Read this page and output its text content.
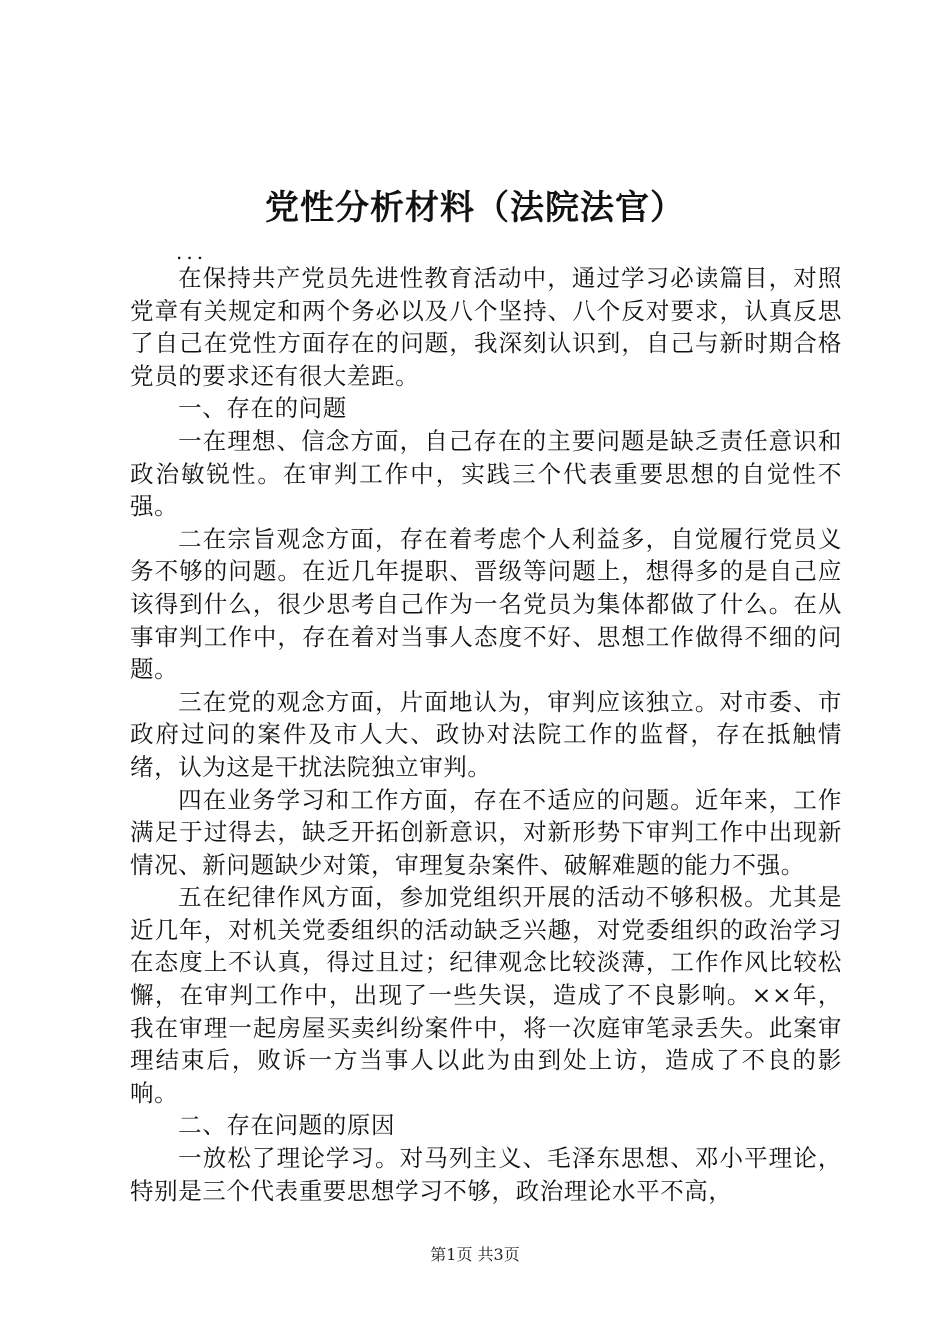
党性分析材料（法院法官）

...

在保持共产党员先进性教育活动中，通过学习必读篇目，对照党章有关规定和两个务必以及八个坚持、八个反对要求，认真反思了自己在党性方面存在的问题，我深刻认识到，自己与新时期合格党员的要求还有很大差距。

一、存在的问题

一在理想、信念方面，自己存在的主要问题是缺乏责任意识和政治敏锐性。在审判工作中，实践三个代表重要思想的自觉性不强。

二在宗旨观念方面，存在着考虑个人利益多，自觉履行党员义务不够的问题。在近几年提职、晋级等问题上，想得多的是自己应该得到什么，很少思考自己作为一名党员为集体都做了什么。在从事审判工作中，存在着对当事人态度不好、思想工作做得不细的问题。

三在党的观念方面，片面地认为，审判应该独立。对市委、市政府过问的案件及市人大、政协对法院工作的监督，存在抵触情绪，认为这是干扰法院独立审判。

四在业务学习和工作方面，存在不适应的问题。近年来，工作满足于过得去，缺乏开拓创新意识，对新形势下审判工作中出现新情况、新问题缺少对策，审理复杂案件、破解难题的能力不强。

五在纪律作风方面，参加党组织开展的活动不够积极。尤其是近几年，对机关党委组织的活动缺乏兴趣，对党委组织的政治学习在态度上不认真，得过且过；纪律观念比较淡薄，工作作风比较松懈，在审判工作中，出现了一些失误，造成了不良影响。××年，我在审理一起房屋买卖纠纷案件中，将一次庭审笔录丢失。此案审理结束后，败诉一方当事人以此为由到处上访，造成了不良的影响。

二、存在问题的原因

一放松了理论学习。对马列主义、毛泽东思想、邓小平理论，特别是三个代表重要思想学习不够，政治理论水平不高，

第1页 共3页
